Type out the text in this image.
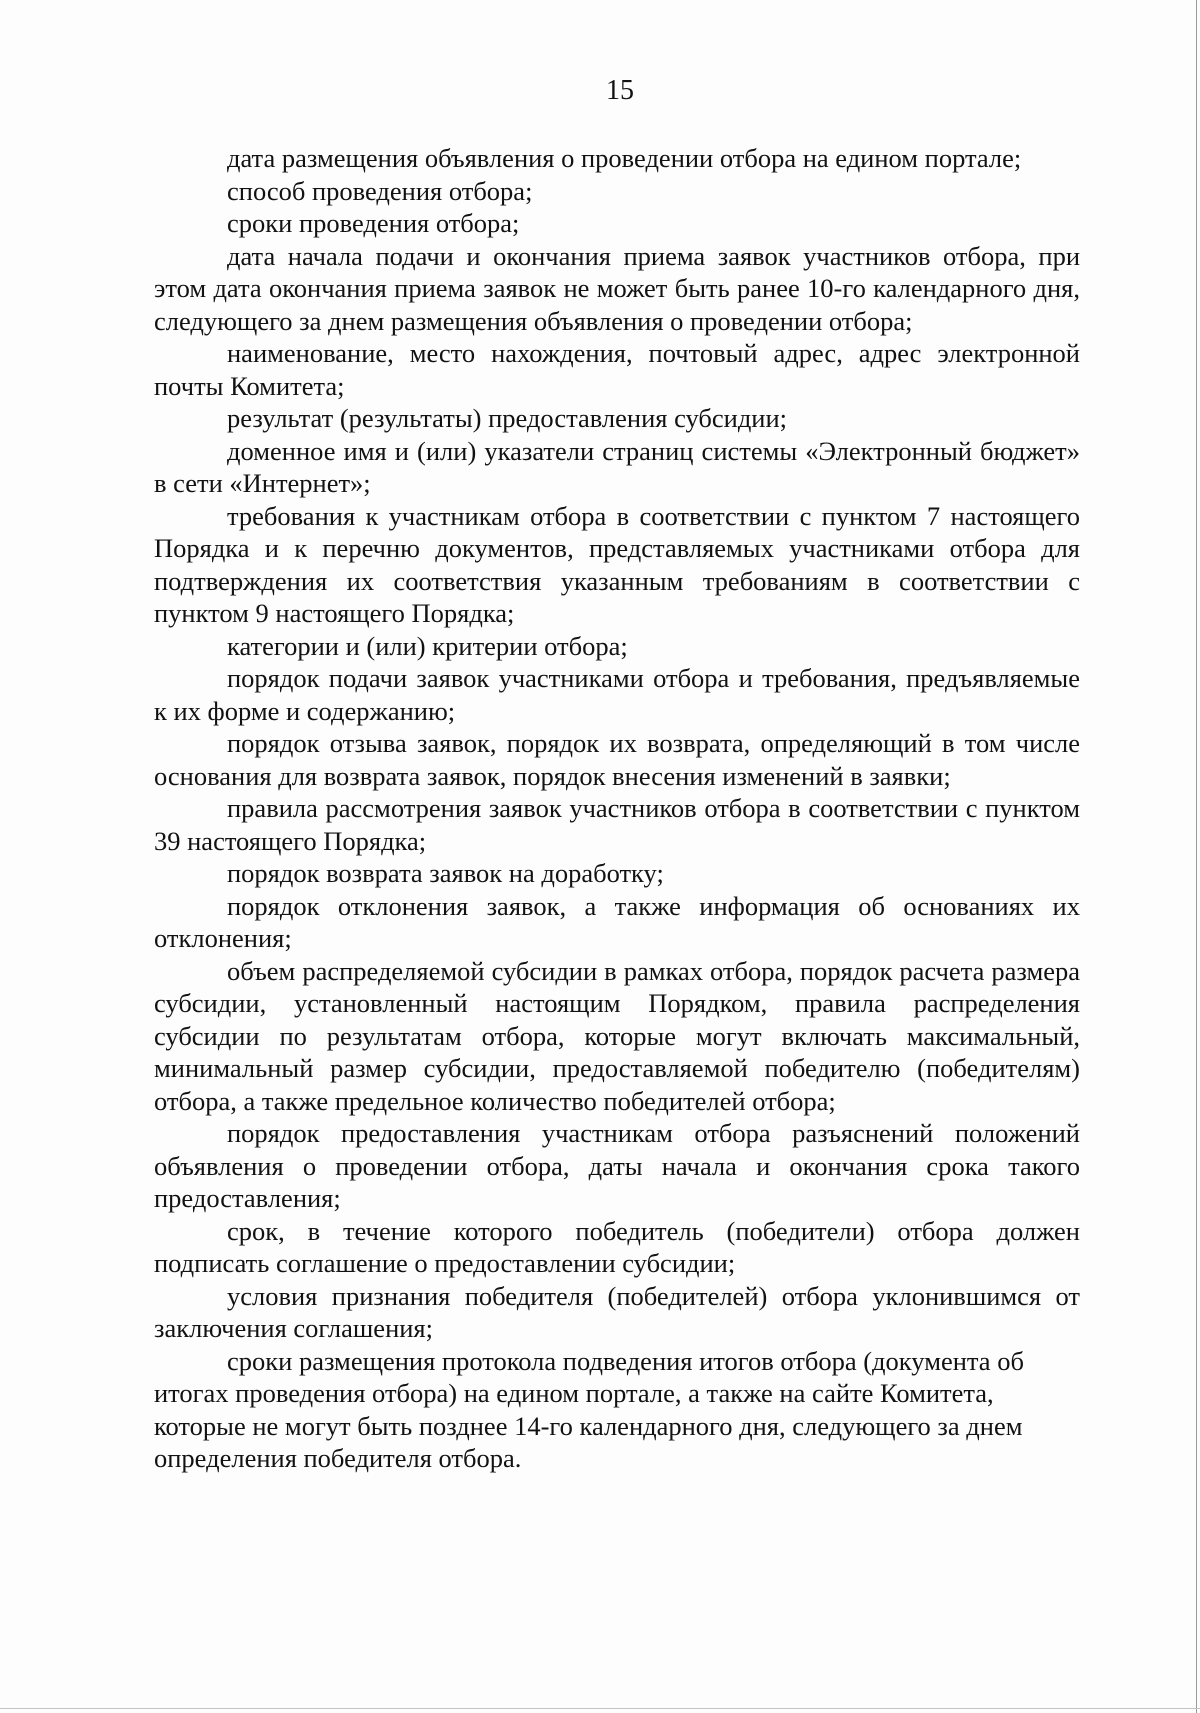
15

дата размещения объявления о проведении отбора на едином портале;

способ проведения отбора;

сроки проведения отбора;

дата начала подачи и окончания приема заявок участников отбора, при этом дата окончания приема заявок не может быть ранее 10-го календарного дня, следующего за днем размещения объявления о проведении отбора;

наименование, место нахождения, почтовый адрес, адрес электронной почты Комитета;

результат (результаты) предоставления субсидии;

доменное имя и (или) указатели страниц системы «Электронный бюджет» в сети «Интернет»;

требования к участникам отбора в соответствии с пунктом 7 настоящего Порядка и к перечню документов, представляемых участниками отбора для подтверждения их соответствия указанным требованиям в соответствии с пунктом 9 настоящего Порядка;

категории и (или) критерии отбора;

порядок подачи заявок участниками отбора и требования, предъявляемые к их форме и содержанию;

порядок отзыва заявок, порядок их возврата, определяющий в том числе основания для возврата заявок, порядок внесения изменений в заявки;

правила рассмотрения заявок участников отбора в соответствии с пунктом 39 настоящего Порядка;

порядок возврата заявок на доработку;

порядок отклонения заявок, а также информация об основаниях их отклонения;

объем распределяемой субсидии в рамках отбора, порядок расчета размера субсидии, установленный настоящим Порядком, правила распределения субсидии по результатам отбора, которые могут включать максимальный, минимальный размер субсидии, предоставляемой победителю (победителям) отбора, а также предельное количество победителей отбора;

порядок предоставления участникам отбора разъяснений положений объявления о проведении отбора, даты начала и окончания срока такого предоставления;

срок, в течение которого победитель (победители) отбора должен подписать соглашение о предоставлении субсидии;

условия признания победителя (победителей) отбора уклонившимся от заключения соглашения;

сроки размещения протокола подведения итогов отбора (документа об итогах проведения отбора) на едином портале, а также на сайте Комитета, которые не могут быть позднее 14-го календарного дня, следующего за днем определения победителя отбора.
